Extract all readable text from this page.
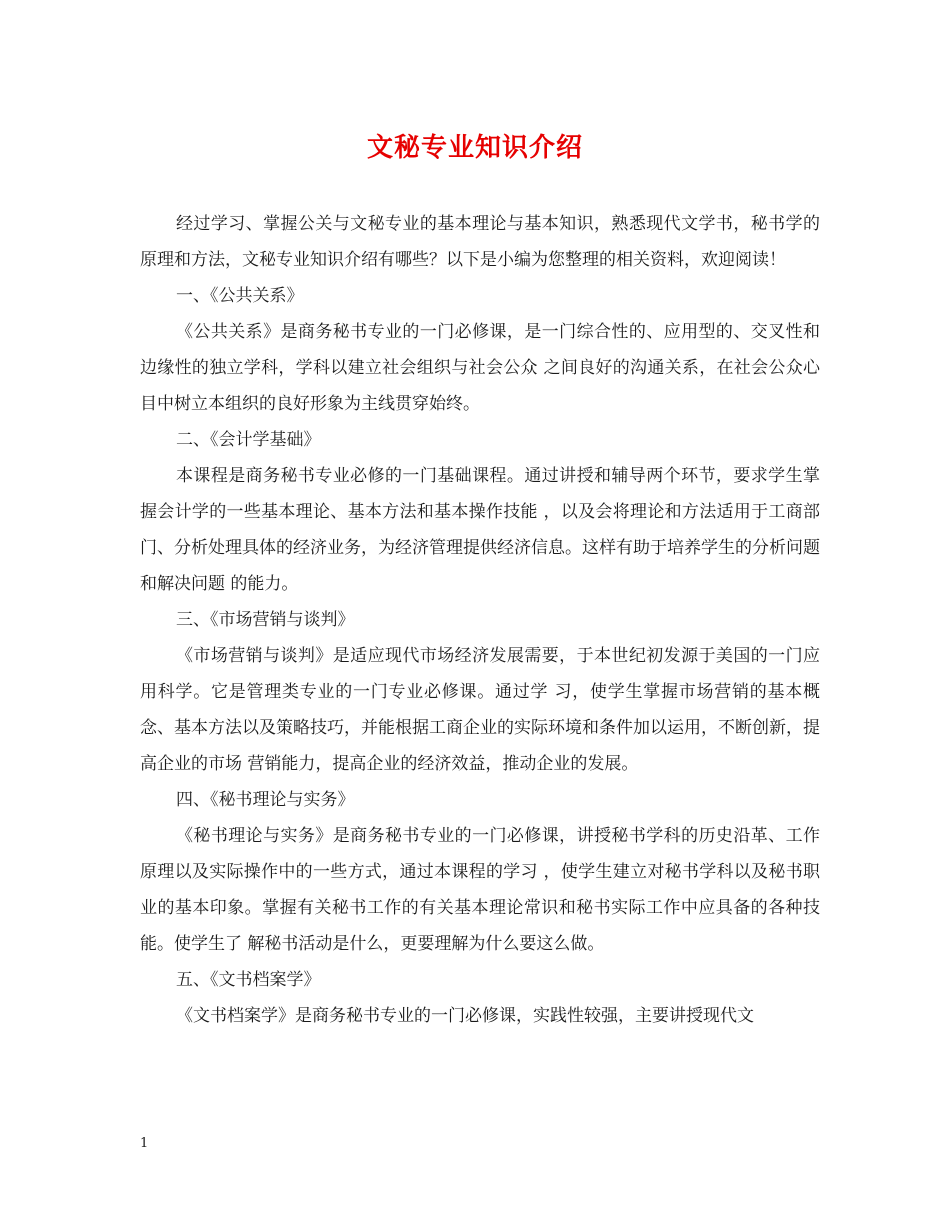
文秘专业知识介绍

经过学习、掌握公关与文秘专业的基本理论与基本知识，熟悉现代文学书，秘书学的原理和方法，文秘专业知识介绍有哪些？以下是小编为您整理的相关资料，欢迎阅读！

一、《公共关系》

《公共关系》是商务秘书专业的一门必修课，是一门综合性的、应用型的、交叉性和边缘性的独立学科，学科以建立社会组织与社会公众 之间良好的沟通关系，在社会公众心目中树立本组织的良好形象为主线贯穿始终。

二、《会计学基础》

本课程是商务秘书专业必修的一门基础课程。通过讲授和辅导两个环节，要求学生掌握会计学的一些基本理论、基本方法和基本操作技能 ，以及会将理论和方法适用于工商部门、分析处理具体的经济业务，为经济管理提供经济信息。这样有助于培养学生的分析问题和解决问题 的能力。

三、《市场营销与谈判》

《市场营销与谈判》是适应现代市场经济发展需要，于本世纪初发源于美国的一门应用科学。它是管理类专业的一门专业必修课。通过学 习，使学生掌握市场营销的基本概念、基本方法以及策略技巧，并能根据工商企业的实际环境和条件加以运用，不断创新，提高企业的市场 营销能力，提高企业的经济效益，推动企业的发展。

四、《秘书理论与实务》

《秘书理论与实务》是商务秘书专业的一门必修课，讲授秘书学科的历史沿革、工作原理以及实际操作中的一些方式，通过本课程的学习 ，使学生建立对秘书学科以及秘书职业的基本印象。掌握有关秘书工作的有关基本理论常识和秘书实际工作中应具备的各种技能。使学生了 解秘书活动是什么，更要理解为什么要这么做。

五、《文书档案学》

《文书档案学》是商务秘书专业的一门必修课，实践性较强，主要讲授现代文

1
